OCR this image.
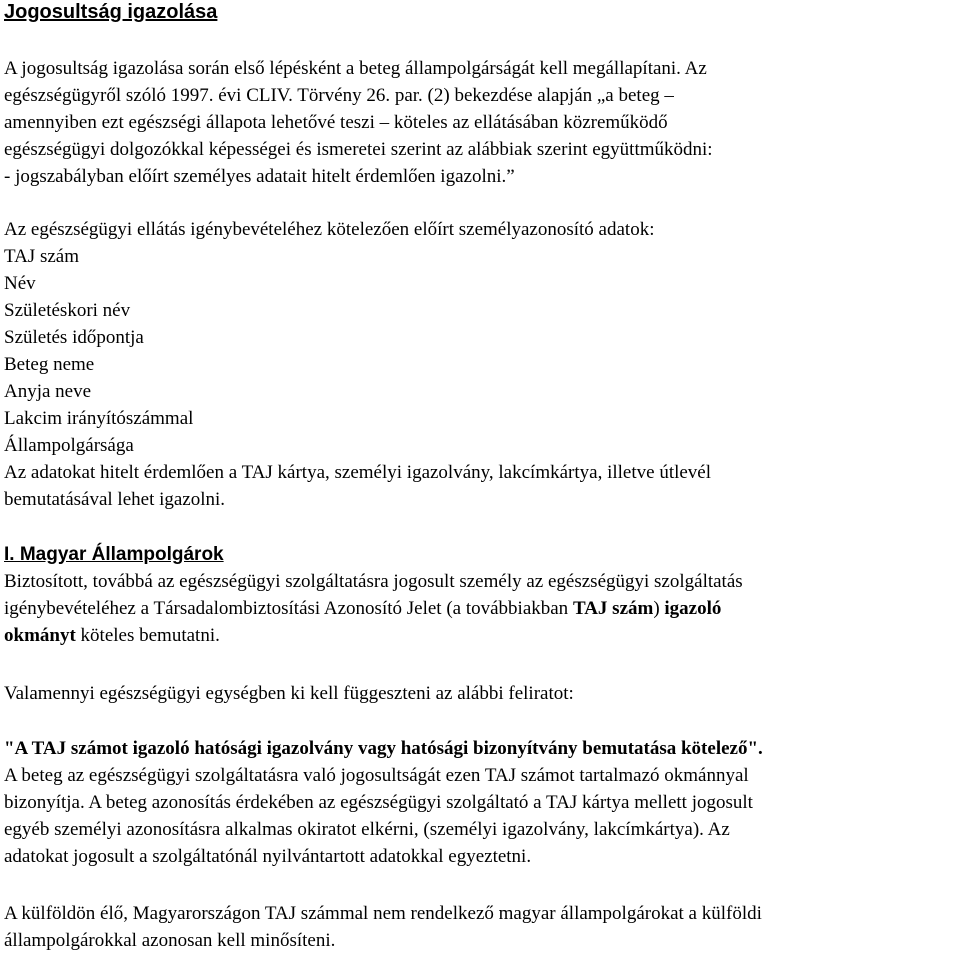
Jogosultság igazolása
A jogosultság igazolása során első lépésként a beteg állampolgárságát kell megállapítani. Az
egészségügyről szóló 1997. évi CLIV. Törvény 26. par. (2) bekezdése alapján „a beteg –
amennyiben ezt egészségi állapota lehetővé teszi – köteles az ellátásában közreműködő
egészségügyi dolgozókkal képességei és ismeretei szerint az alábbiak szerint együttműködni:
- jogszabályban előírt személyes adatait hitelt érdemlően igazolni.”
Az egészségügyi ellátás igénybevételéhez kötelezően előírt személyazonosító adatok:
TAJ szám
Név
Születéskori név
Születés időpontja
Beteg neme
Anyja neve
Lakcim irányítószámmal
Állampolgársága
Az adatokat hitelt érdemlően a TAJ kártya, személyi igazolvány, lakcímkártya, illetve útlevél
bemutatásával lehet igazolni.
I. Magyar Állampolgárok
Biztosított, továbbá az egészségügyi szolgáltatásra jogosult személy az egészségügyi szolgáltatás
igénybevételéhez a Társadalombiztosítási Azonosító Jelet (a továbbiakban TAJ szám) igazoló
okmányt köteles bemutatni.
Valamennyi egészségügyi egységben ki kell függeszteni az alábbi feliratot:
"A TAJ számot igazoló hatósági igazolvány vagy hatósági bizonyítvány bemutatása kötelező".
A beteg az egészségügyi szolgáltatásra való jogosultságát ezen TAJ számot tartalmazó okmánnyal
bizonyítja. A beteg azonosítás érdekében az egészségügyi szolgáltató a TAJ kártya mellett jogosult
egyéb személyi azonosításra alkalmas okiratot elkérni, (személyi igazolvány, lakcímkártya). Az
adatokat jogosult a szolgáltatónál nyilvántartott adatokkal egyeztetni.
A külföldön élő, Magyarországon TAJ számmal nem rendelkező magyar állampolgárokat a külföldi
állampolgárokkal azonosan kell minősíteni.
